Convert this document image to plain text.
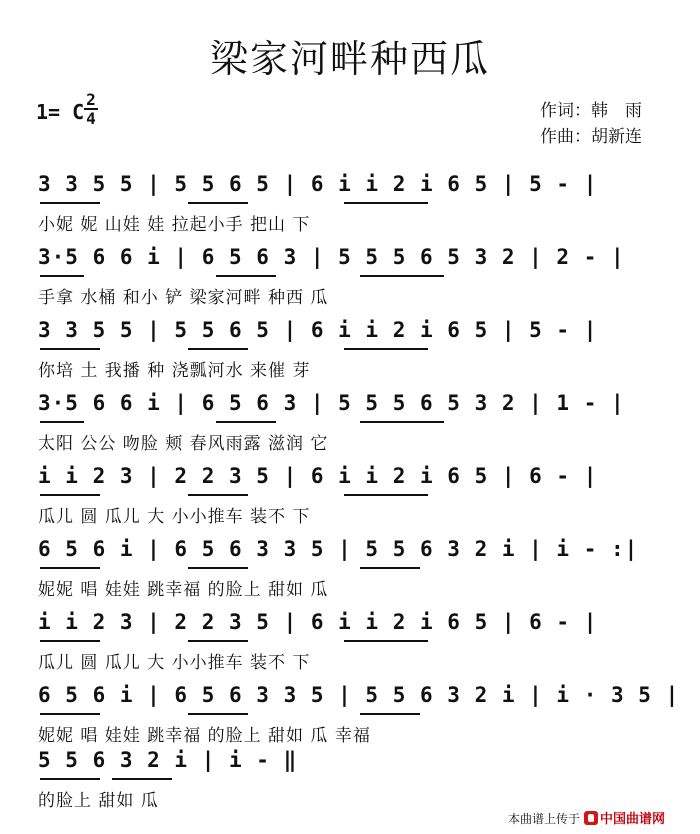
梁家河畔种西瓜
1= C
2
4	作词：韩　雨
作曲：胡新连
3 3 5 5 | 5 5 6 5 | 6 i i 2 i 6 5 | 5 - |
小妮 妮 山娃 娃 拉起小手 把山 下
3·5 6 6 i | 6 5 6 3 | 5 5 5 6 5 3 2 | 2 - |
手拿 水桶 和小 铲 梁家河畔 种西 瓜
3 3 5 5 | 5 5 6 5 | 6 i i 2 i 6 5 | 5 - |
你培 土 我播 种 浇瓢河水 来催 芽
3·5 6 6 i | 6 5 6 3 | 5 5 5 6 5 3 2 | 1 - |
太阳 公公 吻脸 颊 春风雨露 滋润 它
i i 2 3 | 2 2 3 5 | 6 i i 2 i 6 5 | 6 - |
瓜儿 圆 瓜儿 大 小小推车 装不 下
6 5 6 i | 6 5 6 3 3 5 | 5 5 6 3 2 i | i - :|
妮妮 唱 娃娃 跳幸福 的脸上 甜如 瓜
i i 2 3 | 2 2 3 5 | 6 i i 2 i 6 5 | 6 - |
瓜儿 圆 瓜儿 大 小小推车 装不 下
6 5 6 i | 6 5 6 3 3 5 | 5 5 6 3 2 i | i · 3 5 |
妮妮 唱 娃娃 跳幸福 的脸上 甜如 瓜 幸福
5 5 6 3 2 i | i - ‖
的脸上 甜如 瓜
本曲谱上传于 中国曲谱网
